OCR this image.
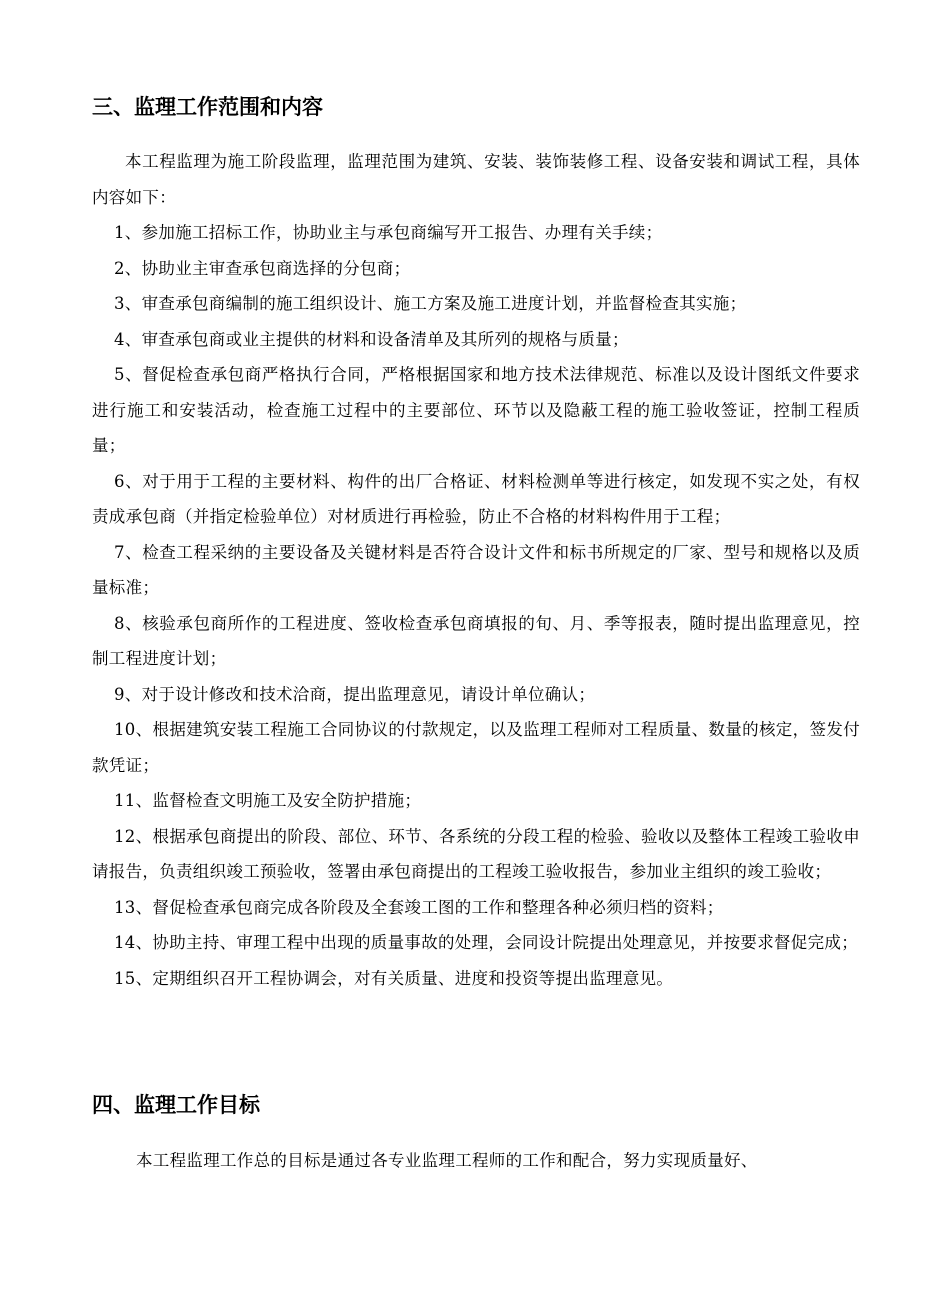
三、监理工作范围和内容

本工程监理为施工阶段监理，监理范围为建筑、安装、装饰装修工程、设备安装和调试工程，具体内容如下：

1、参加施工招标工作，协助业主与承包商编写开工报告、办理有关手续；

2、协助业主审查承包商选择的分包商；

3、审查承包商编制的施工组织设计、施工方案及施工进度计划，并监督检查其实施；

4、审查承包商或业主提供的材料和设备清单及其所列的规格与质量；

5、督促检查承包商严格执行合同，严格根据国家和地方技术法律规范、标准以及设计图纸文件要求进行施工和安装活动，检查施工过程中的主要部位、环节以及隐蔽工程的施工验收签证，控制工程质量；

6、对于用于工程的主要材料、构件的出厂合格证、材料检测单等进行核定，如发现不实之处，有权责成承包商（并指定检验单位）对材质进行再检验，防止不合格的材料构件用于工程；

7、检查工程采纳的主要设备及关键材料是否符合设计文件和标书所规定的厂家、型号和规格以及质量标准；

8、核验承包商所作的工程进度、签收检查承包商填报的旬、月、季等报表，随时提出监理意见，控制工程进度计划；

9、对于设计修改和技术洽商，提出监理意见，请设计单位确认；

10、根据建筑安装工程施工合同协议的付款规定，以及监理工程师对工程质量、数量的核定，签发付款凭证；

11、监督检查文明施工及安全防护措施；

12、根据承包商提出的阶段、部位、环节、各系统的分段工程的检验、验收以及整体工程竣工验收申请报告，负责组织竣工预验收，签署由承包商提出的工程竣工验收报告，参加业主组织的竣工验收；

13、督促检查承包商完成各阶段及全套竣工图的工作和整理各种必须归档的资料；

14、协助主持、审理工程中出现的质量事故的处理，会同设计院提出处理意见，并按要求督促完成；

15、定期组织召开工程协调会，对有关质量、进度和投资等提出监理意见。

四、监理工作目标

本工程监理工作总的目标是通过各专业监理工程师的工作和配合，努力实现质量好、
